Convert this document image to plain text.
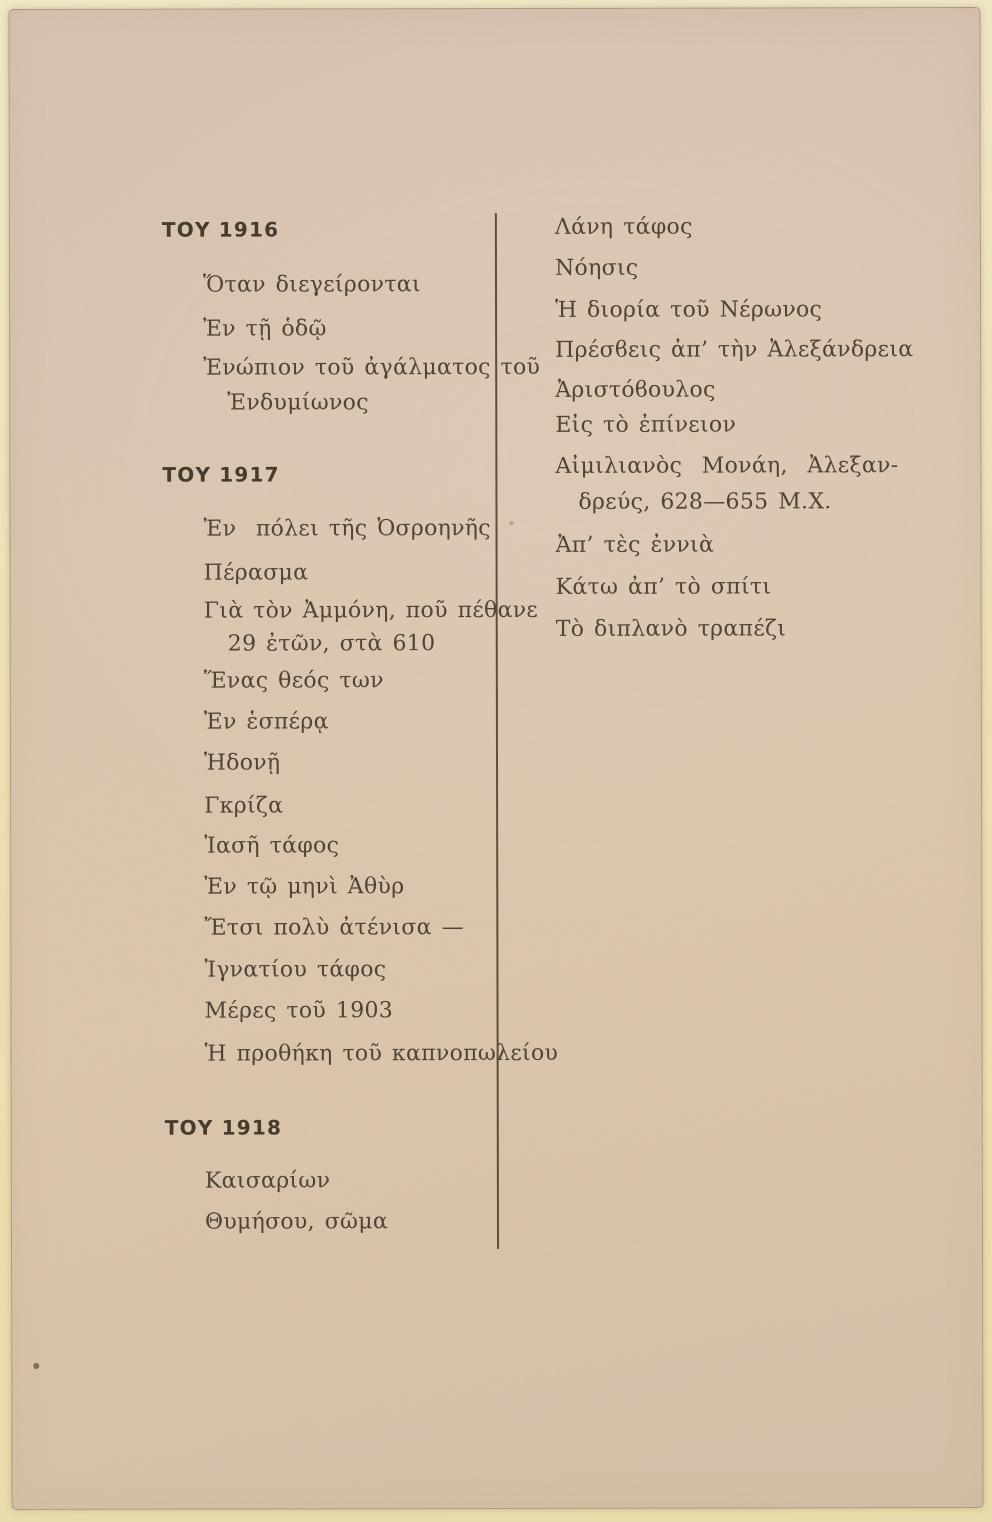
ΤΟΥ 1916
Ὅταν διεγείρονται
Ἐν τῇ ὁδῷ
Ἐνώπιον τοῦ ἀγάλματος τοῦ
Ἐνδυμίωνος
ΤΟΥ 1917
Ἐν  πόλει τῆς Ὀσροηνῆς
Πέρασμα
Γιὰ τὸν Ἀμμόνη, ποῦ πέθανε
29 ἐτῶν, στὰ 610
Ἕνας θεός των
Ἐν ἑσπέρᾳ
Ἡδονῇ
Γκρίζα
Ἰασῆ τάφος
Ἐν τῷ μηνὶ Ἀθὺρ
Ἔτσι πολὺ ἀτένισα —
Ἰγνατίου τάφος
Μέρες τοῦ 1903
Ἡ προθήκη τοῦ καπνοπωλείου
ΤΟΥ 1918
Καισαρίων
Θυμήσου, σῶμα
Λάνη τάφος
Νόησις
Ἡ διορία τοῦ Νέρωνος
Πρέσϐεις ἀπ’ τὴν Ἀλεξάνδρεια
Ἀριστόϐουλος
Εἰς τὸ ἐπίνειον
Αἰμιλιανὸς  Μονάη,  Ἀλεξαν-
δρεύς, 628—655 Μ.Χ.
Ἀπ’ τὲς ἐννιὰ
Κάτω ἀπ’ τὸ σπίτι
Τὸ διπλανὸ τραπέζι
